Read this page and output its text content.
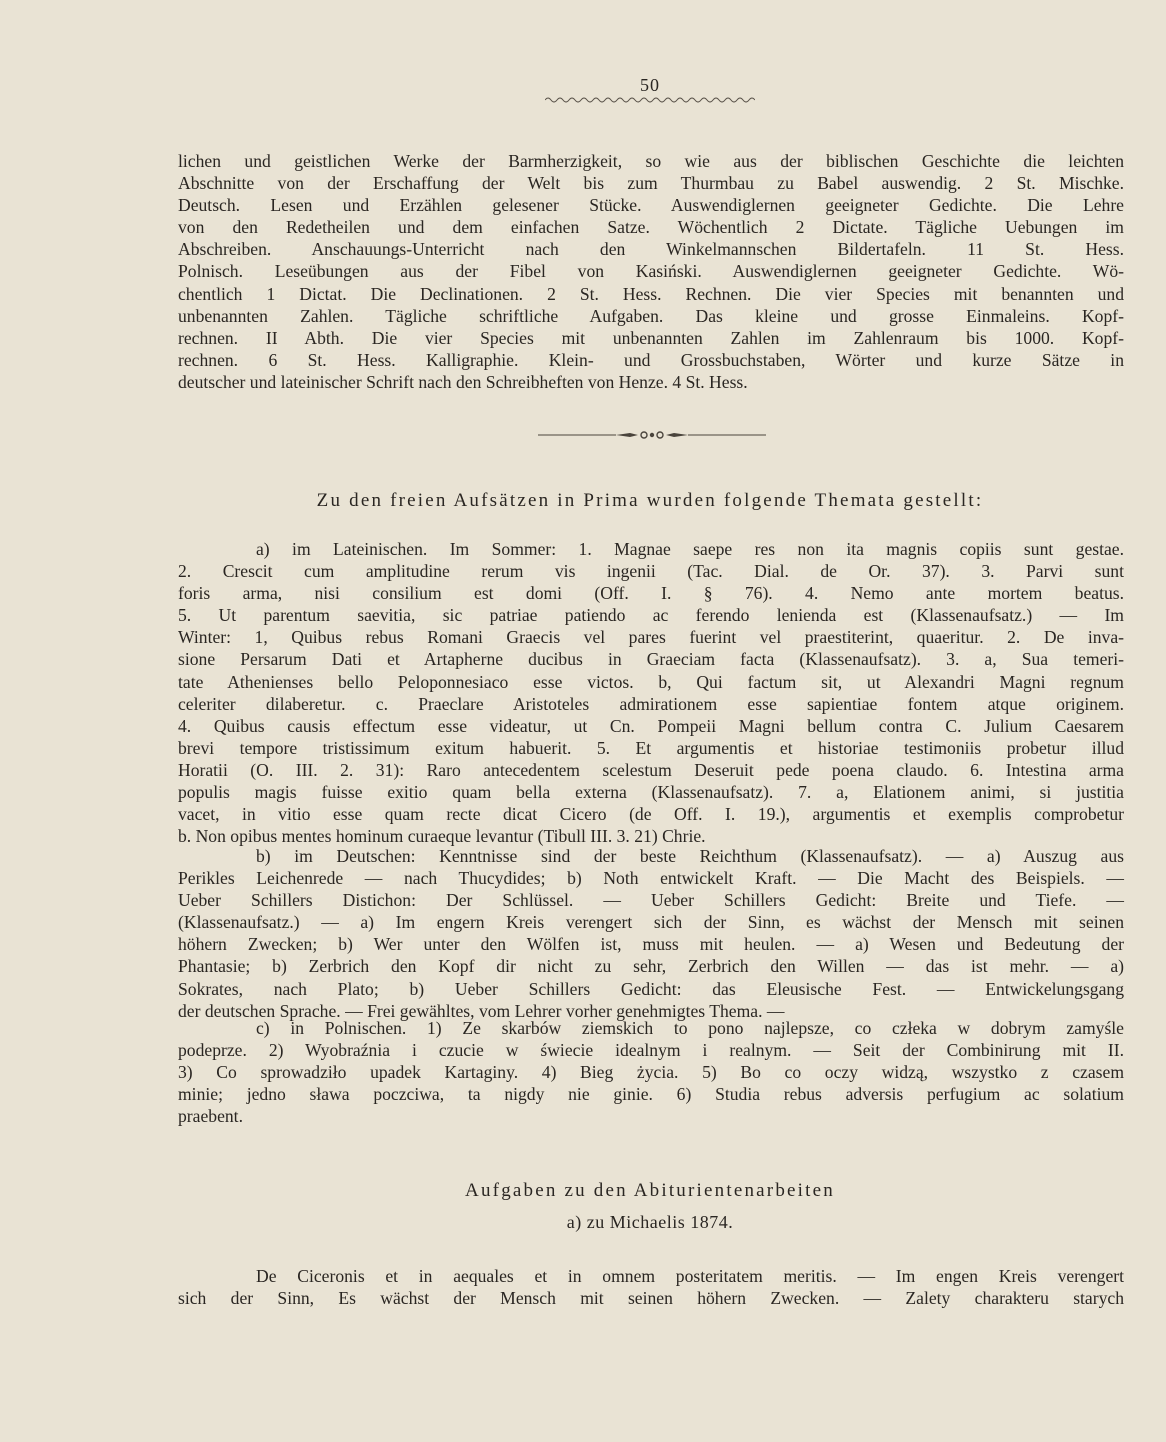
50
lichen und geistlichen Werke der Barmherzigkeit, so wie aus der biblischen Geschichte die leichten
Abschnitte von der Erschaffung der Welt bis zum Thurmbau zu Babel auswendig. 2 St. Mischke.
Deutsch. Lesen und Erzählen gelesener Stücke. Auswendiglernen geeigneter Gedichte. Die Lehre
von den Redetheilen und dem einfachen Satze. Wöchentlich 2 Dictate. Tägliche Uebungen im
Abschreiben. Anschauungs-Unterricht nach den Winkelmannschen Bildertafeln. 11 St. Hess.
Polnisch. Leseübungen aus der Fibel von Kasiński. Auswendiglernen geeigneter Gedichte. Wö-
chentlich 1 Dictat. Die Declinationen. 2 St. Hess. Rechnen. Die vier Species mit benannten und
unbenannten Zahlen. Tägliche schriftliche Aufgaben. Das kleine und grosse Einmaleins. Kopf-
rechnen. II Abth. Die vier Species mit unbenannten Zahlen im Zahlenraum bis 1000. Kopf-
rechnen. 6 St. Hess. Kalligraphie. Klein- und Grossbuchstaben, Wörter und kurze Sätze in
deutscher und lateinischer Schrift nach den Schreibheften von Henze. 4 St. Hess.
Zu den freien Aufsätzen in Prima wurden folgende Themata gestellt:
a) im Lateinischen. Im Sommer: 1. Magnae saepe res non ita magnis copiis sunt gestae.
2. Crescit cum amplitudine rerum vis ingenii (Tac. Dial. de Or. 37). 3. Parvi sunt
foris arma, nisi consilium est domi (Off. I. § 76). 4. Nemo ante mortem beatus.
5. Ut parentum saevitia, sic patriae patiendo ac ferendo lenienda est (Klassenaufsatz.) — Im
Winter: 1, Quibus rebus Romani Graecis vel pares fuerint vel praestiterint, quaeritur. 2. De inva-
sione Persarum Dati et Artapherne ducibus in Graeciam facta (Klassenaufsatz). 3. a, Sua temeri-
tate Athenienses bello Peloponnesiaco esse victos. b, Qui factum sit, ut Alexandri Magni regnum
celeriter dilaberetur. c. Praeclare Aristoteles admirationem esse sapientiae fontem atque originem.
4. Quibus causis effectum esse videatur, ut Cn. Pompeii Magni bellum contra C. Julium Caesarem
brevi tempore tristissimum exitum habuerit. 5. Et argumentis et historiae testimoniis probetur illud
Horatii (O. III. 2. 31): Raro antecedentem scelestum Deseruit pede poena claudo. 6. Intestina arma
populis magis fuisse exitio quam bella externa (Klassenaufsatz). 7. a, Elationem animi, si justitia
vacet, in vitio esse quam recte dicat Cicero (de Off. I. 19.), argumentis et exemplis comprobetur
b. Non opibus mentes hominum curaeque levantur (Tibull III. 3. 21) Chrie.
b) im Deutschen: Kenntnisse sind der beste Reichthum (Klassenaufsatz). — a) Auszug aus
Perikles Leichenrede — nach Thucydides; b) Noth entwickelt Kraft. — Die Macht des Beispiels. —
Ueber Schillers Distichon: Der Schlüssel. — Ueber Schillers Gedicht: Breite und Tiefe. —
(Klassenaufsatz.) — a) Im engern Kreis verengert sich der Sinn, es wächst der Mensch mit seinen
höhern Zwecken; b) Wer unter den Wölfen ist, muss mit heulen. — a) Wesen und Bedeutung der
Phantasie; b) Zerbrich den Kopf dir nicht zu sehr, Zerbrich den Willen — das ist mehr. — a)
Sokrates, nach Plato; b) Ueber Schillers Gedicht: das Eleusische Fest. — Entwickelungsgang
der deutschen Sprache. — Frei gewähltes, vom Lehrer vorher genehmigtes Thema. —
c) in Polnischen. 1) Ze skarbów ziemskich to pono najlepsze, co człeka w dobrym zamyśle
podeprze. 2) Wyobraźnia i czucie w świecie idealnym i realnym. — Seit der Combinirung mit II.
3) Co sprowadziło upadek Kartaginy. 4) Bieg życia. 5) Bo co oczy widzą, wszystko z czasem
minie; jedno sława poczciwa, ta nigdy nie ginie. 6) Studia rebus adversis perfugium ac solatium
praebent.
Aufgaben zu den Abiturientenarbeiten
a) zu Michaelis 1874.
De Ciceronis et in aequales et in omnem posteritatem meritis. — Im engen Kreis verengert
sich der Sinn, Es wächst der Mensch mit seinen höhern Zwecken. — Zalety charakteru starych
